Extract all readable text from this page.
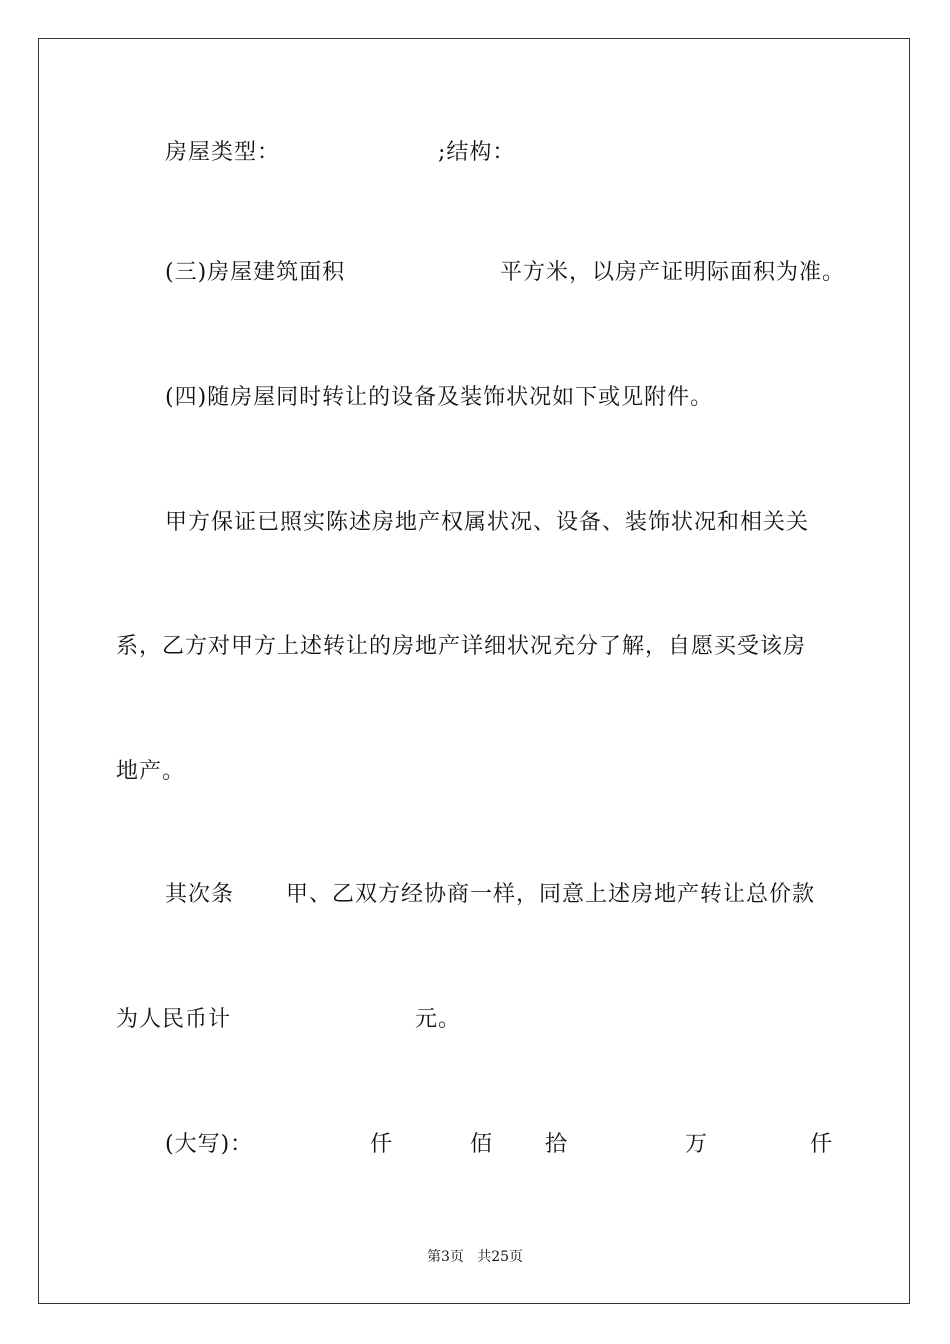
房屋类型：	;结构：
(三)房屋建筑面积	平方米，以房产证明际面积为准。
(四)随房屋同时转让的设备及装饰状况如下或见附件。
甲方保证已照实陈述房地产权属状况、设备、装饰状况和相关关
系，乙方对甲方上述转让的房地产详细状况充分了解，自愿买受该房
地产。
其次条 甲、乙双方经协商一样，同意上述房地产转让总价款
为人民币计	元。
(大写)：	仟	佰 拾	万	仟
第3页 共25页
